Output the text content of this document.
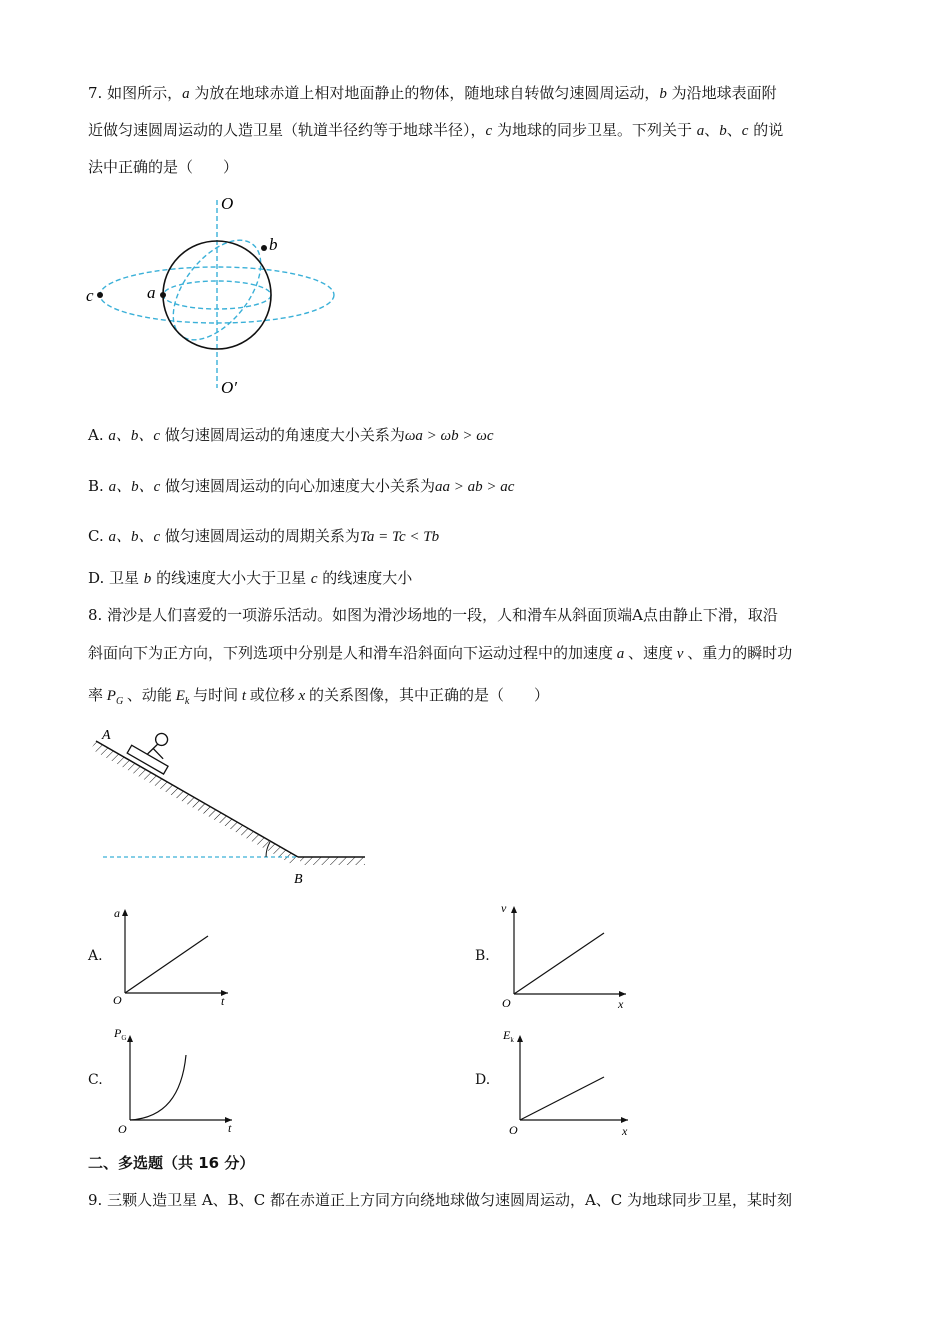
7. 如图所示，a 为放在地球赤道上相对地面静止的物体，随地球自转做匀速圆周运动，b 为沿地球表面附
近做匀速圆周运动的人造卫星（轨道半径约等于地球半径），c 为地球的同步卫星。下列关于 a、b、c 的说
法中正确的是（　　）
O
O′
b
a
c
A. a、b、c 做匀速圆周运动的角速度大小关系为ωa > ωb > ωc
B. a、b、c 做匀速圆周运动的向心加速度大小关系为aa > ab > ac
C. a、b、c 做匀速圆周运动的周期关系为Ta = Tc < Tb
D. 卫星 b 的线速度大小大于卫星 c 的线速度大小
8. 滑沙是人们喜爱的一项游乐活动。如图为滑沙场地的一段，人和滑车从斜面顶端A点由静止下滑，取沿
斜面向下为正方向，下列选项中分别是人和滑车沿斜面向下运动过程中的加速度 a 、速度 v 、重力的瞬时功
率 $P_G$ 、动能 $E_k$ 与时间 t 或位移 x 的关系图像，其中正确的是（　　）
A
B
A.
O	t
a
B.
O	x
v
C.
O	t
$P_G$
D.
O	x
$E_k$
二、多选题（共 16 分）
9. 三颗人造卫星 A、B、C 都在赤道正上方同方向绕地球做匀速圆周运动，A、C 为地球同步卫星，某时刻
